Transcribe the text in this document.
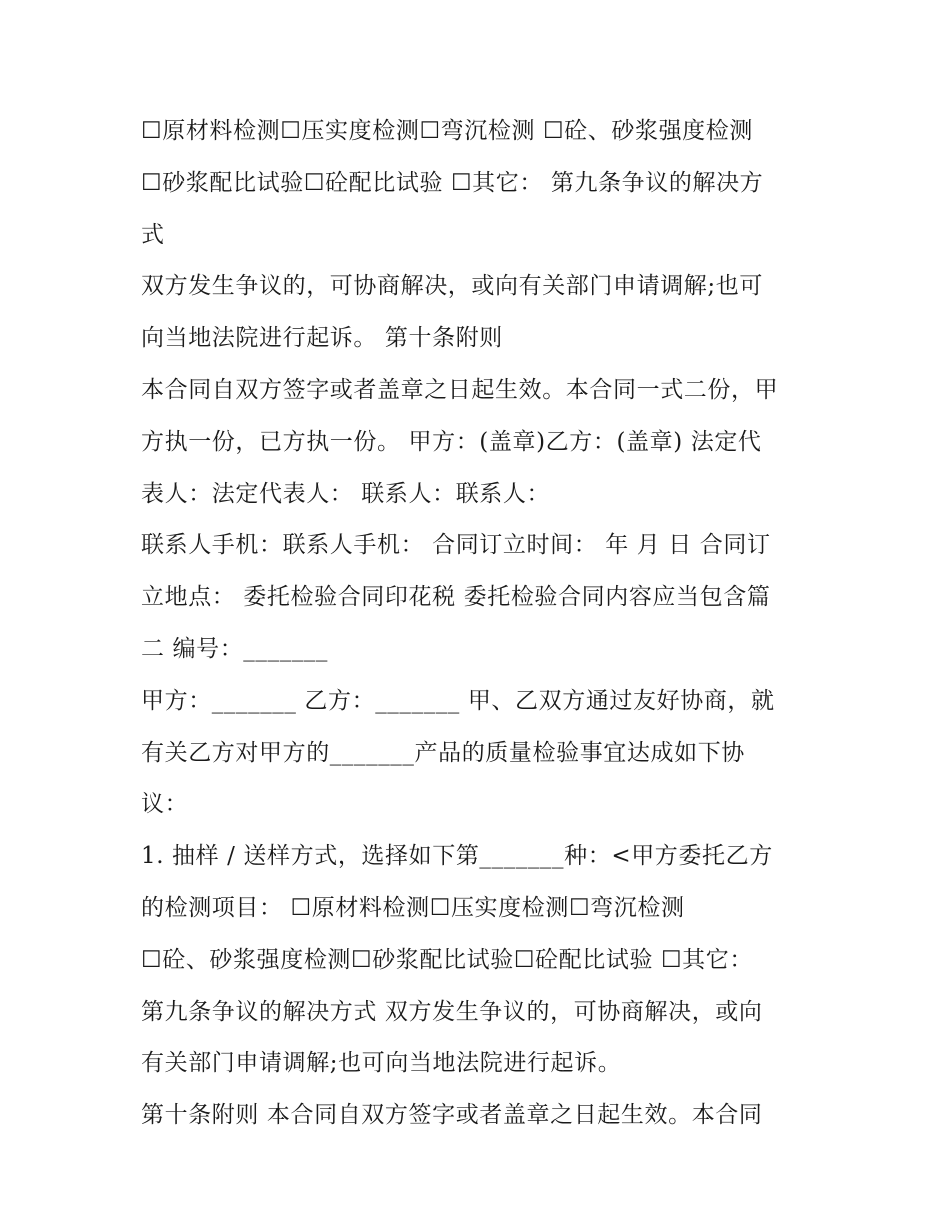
☐原材料检测☐压实度检测☐弯沉检测 ☐砼、砂浆强度检测
☐砂浆配比试验☐砼配比试验 ☐其它： 第九条争议的解决方
式
双方发生争议的，可协商解决，或向有关部门申请调解;也可
向当地法院进行起诉。 第十条附则
本合同自双方签字或者盖章之日起生效。本合同一式二份，甲
方执一份，已方执一份。 甲方：(盖章)乙方：(盖章) 法定代
表人：法定代表人： 联系人：联系人：
联系人手机：联系人手机： 合同订立时间： 年 月 日 合同订
立地点： 委托检验合同印花税 委托检验合同内容应当包含篇
二 编号：_______
甲方：_______ 乙方：_______ 甲、乙双方通过友好协商，就
有关乙方对甲方的_______产品的质量检验事宜达成如下协
议：
1. 抽样 / 送样方式，选择如下第_______种：<甲方委托乙方
的检测项目： ☐原材料检测☐压实度检测☐弯沉检测
☐砼、砂浆强度检测☐砂浆配比试验☐砼配比试验 ☐其它：
第九条争议的解决方式 双方发生争议的，可协商解决，或向
有关部门申请调解;也可向当地法院进行起诉。
第十条附则 本合同自双方签字或者盖章之日起生效。本合同
